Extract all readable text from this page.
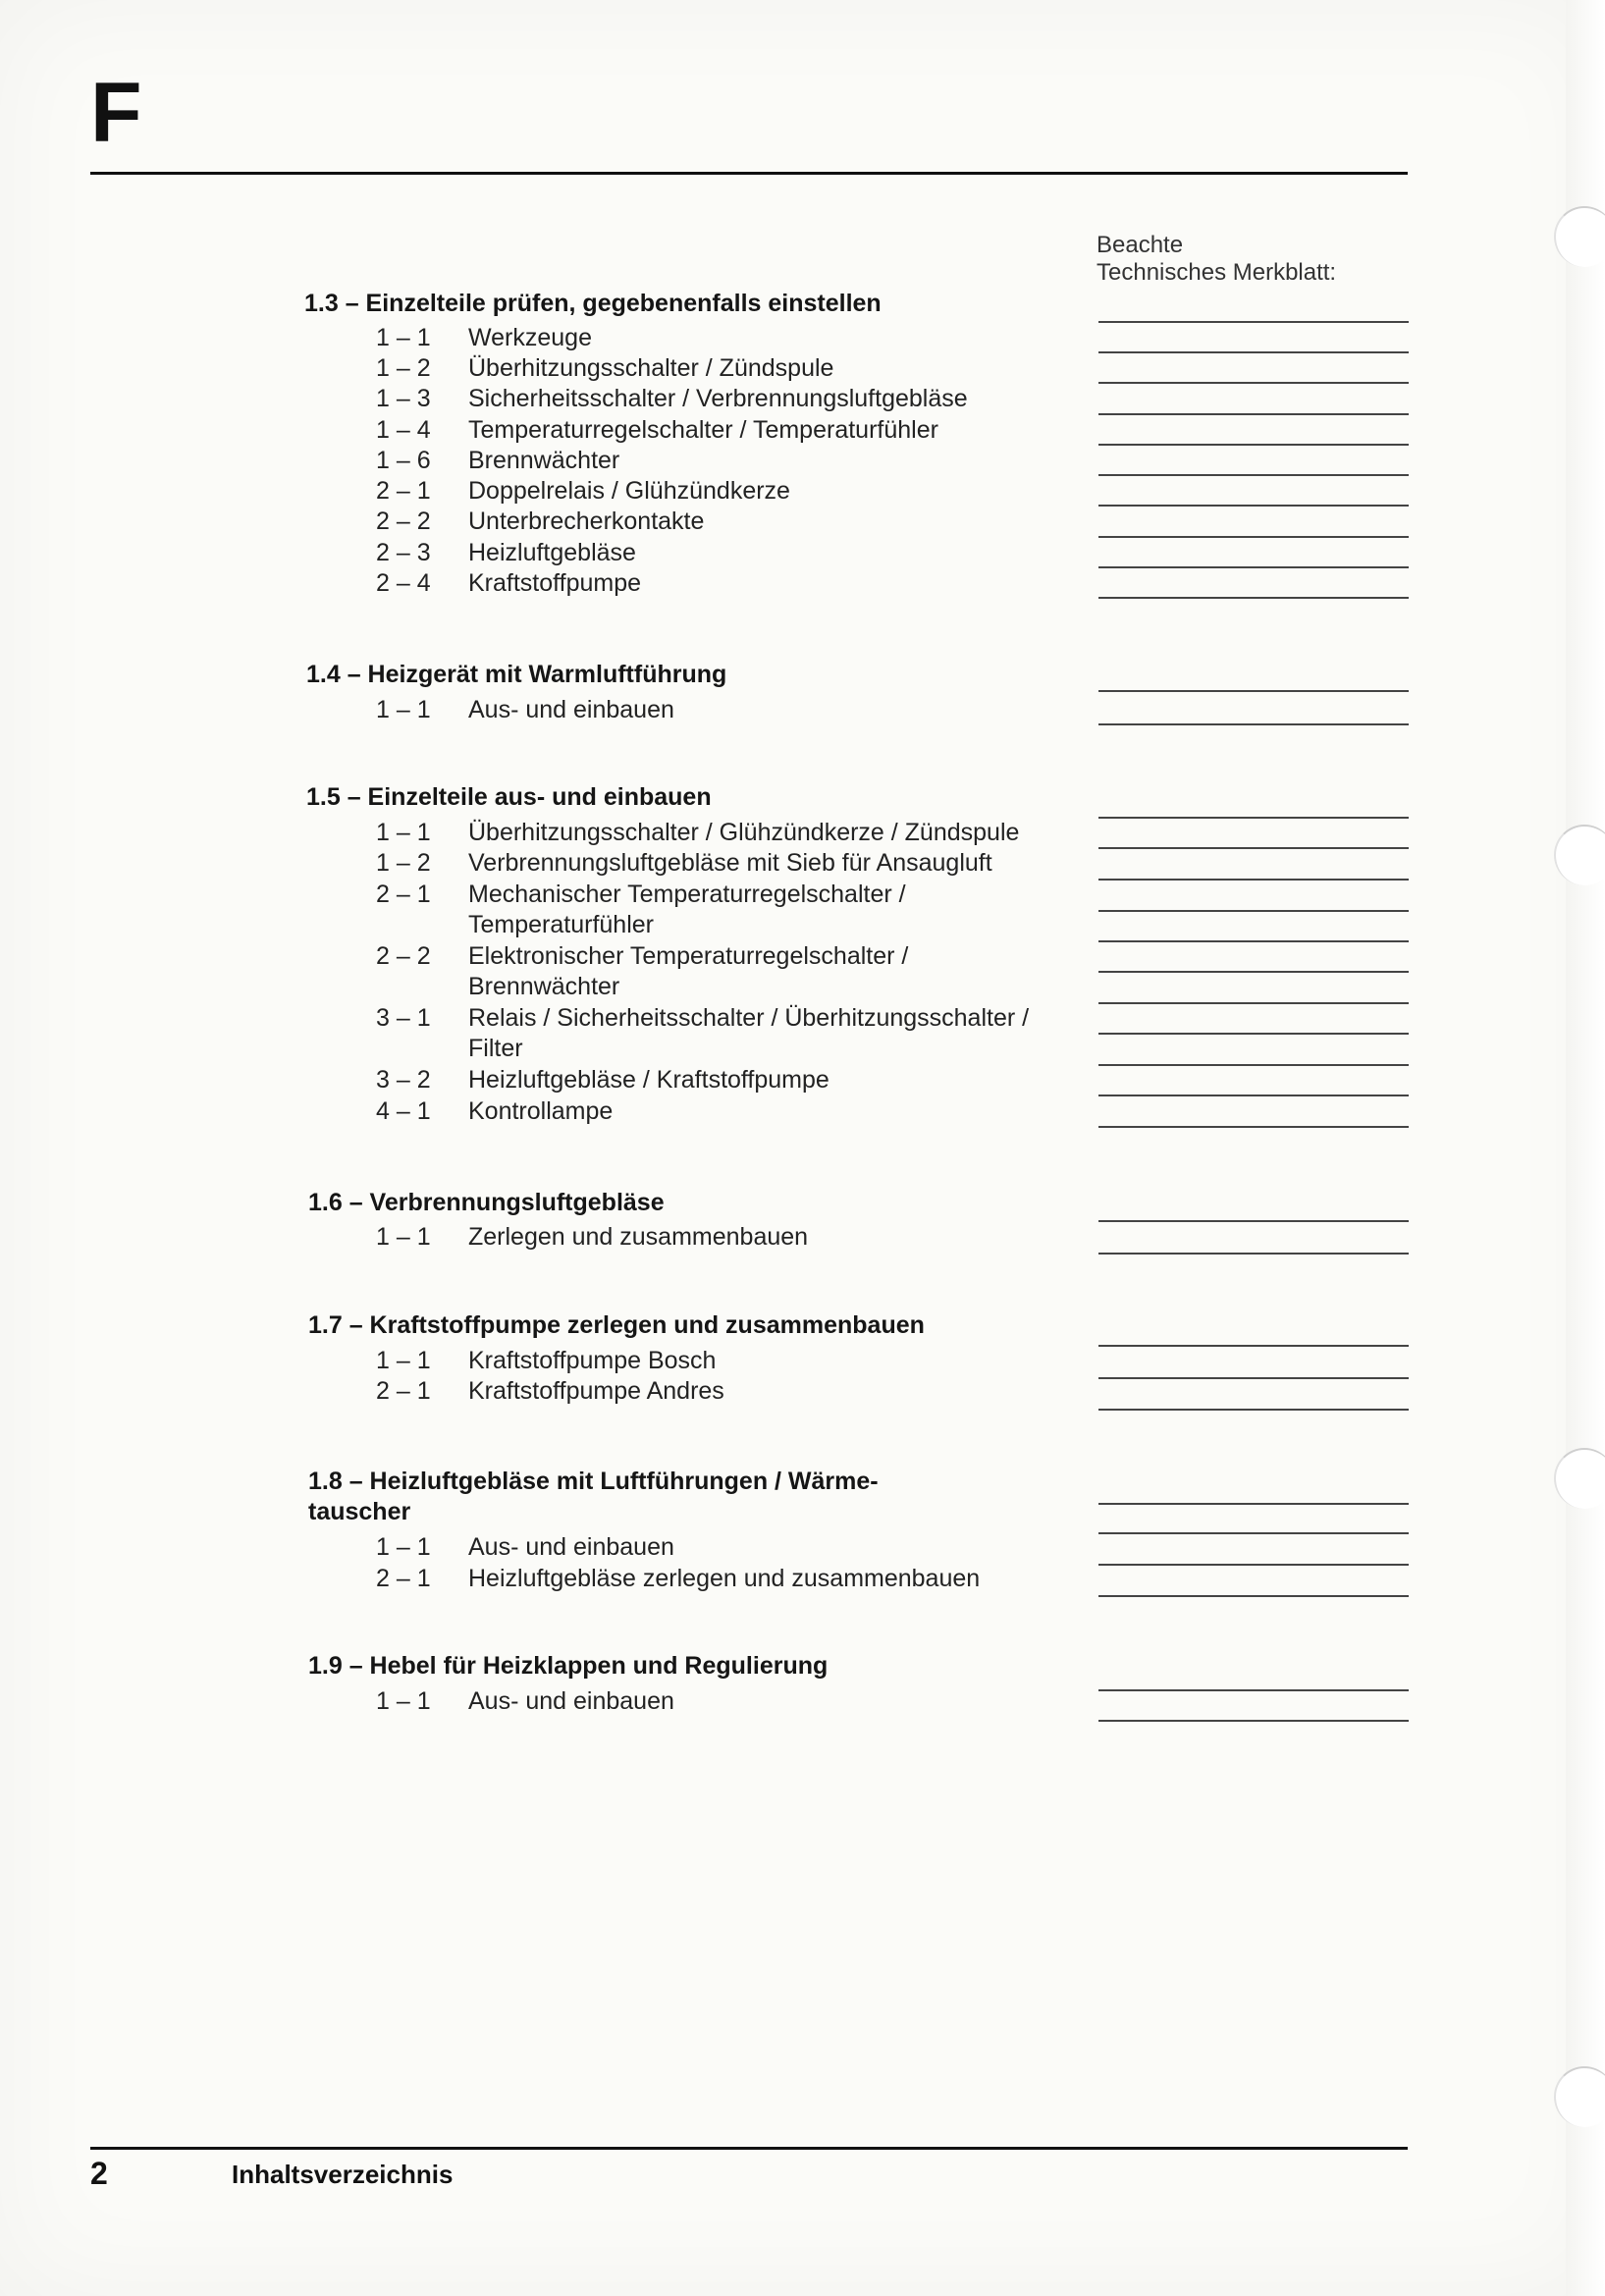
F
Beachte
Technisches Merkblatt:
1.3 – Einzelteile prüfen, gegebenenfalls einstellen
1 – 1	Werkzeuge
1 – 2	Überhitzungsschalter / Zündspule
1 – 3	Sicherheitsschalter / Verbrennungsluftgebläse
1 – 4	Temperaturregelschalter / Temperaturfühler
1 – 6	Brennwächter
2 – 1	Doppelrelais / Glühzündkerze
2 – 2	Unterbrecherkontakte
2 – 3	Heizluftgebläse
2 – 4	Kraftstoffpumpe
1.4 – Heizgerät mit Warmluftführung
1 – 1	Aus- und einbauen
1.5 – Einzelteile aus- und einbauen
1 – 1	Überhitzungsschalter / Glühzündkerze / Zündspule
1 – 2	Verbrennungsluftgebläse mit Sieb für Ansaugluft
2 – 1	Mechanischer Temperaturregelschalter /
Temperaturfühler
2 – 2	Elektronischer Temperaturregelschalter /
Brennwächter
3 – 1	Relais / Sicherheitsschalter / Überhitzungsschalter /
Filter
3 – 2	Heizluftgebläse / Kraftstoffpumpe
4 – 1	Kontrollampe
1.6 – Verbrennungsluftgebläse
1 – 1	Zerlegen und zusammenbauen
1.7 – Kraftstoffpumpe zerlegen und zusammenbauen
1 – 1	Kraftstoffpumpe Bosch
2 – 1	Kraftstoffpumpe Andres
1.8 – Heizluftgebläse mit Luftführungen / Wärme-
tauscher
1 – 1	Aus- und einbauen
2 – 1	Heizluftgebläse zerlegen und zusammenbauen
1.9 – Hebel für Heizklappen und Regulierung
1 – 1	Aus- und einbauen
2	Inhaltsverzeichnis
